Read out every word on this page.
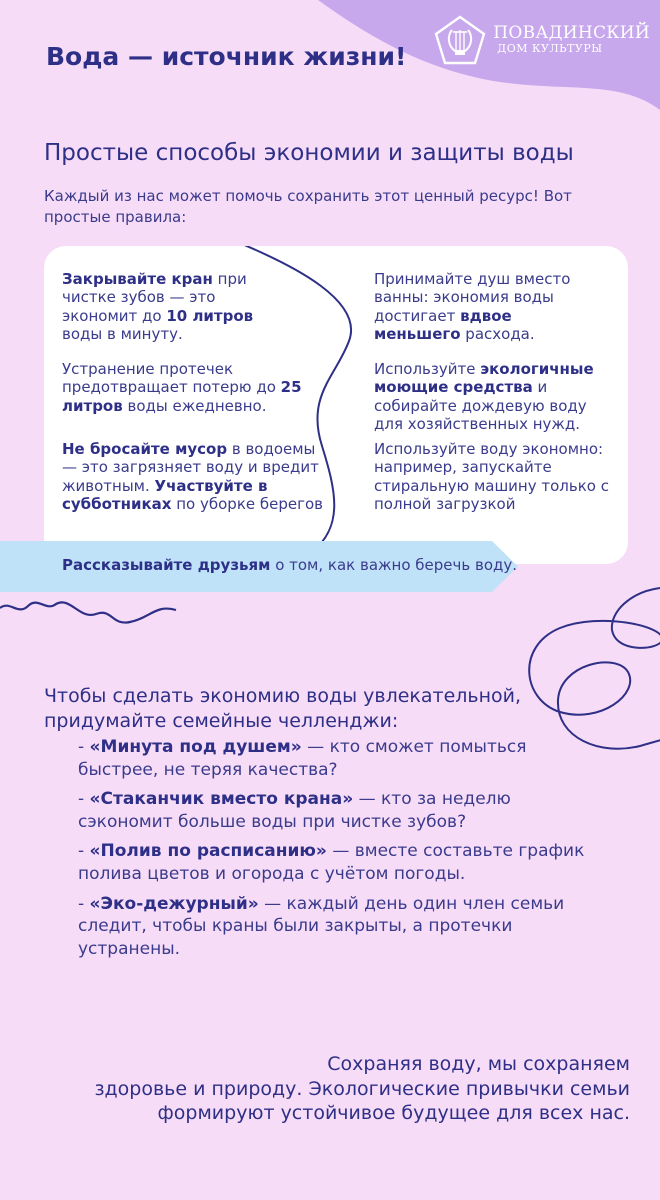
ПОВАДИНСКИЙ
ДОМ КУЛЬТУРЫ
Вода — источник жизни!
Простые способы экономии и защиты воды

Каждый из нас может помочь сохранить этот ценный ресурс! Вот простые правила:

Закрывайте кран при чистке зубов — это экономит до 10 литров воды в минуту.

Устранение протечек предотвращает потерю до 25 литров воды ежедневно.

Не бросайте мусор в водоемы — это загрязняет воду и вредит животным. Участвуйте в субботниках по уборке берегов

Принимайте душ вместо ванны: экономия воды достигает вдвое меньшего расхода.

Используйте экологичные моющие средства и собирайте дождевую воду для хозяйственных нужд.

Используйте воду экономно: например, запускайте стиральную машину только с полной загрузкой

Рассказывайте друзьям о том, как важно беречь воду.

Чтобы сделать экономию воды увлекательной,
придумайте семейные челленджи:

- «Минута под душем» — кто сможет помыться быстрее, не теряя качества?
- «Стаканчик вместо крана» — кто за неделю сэкономит больше воды при чистке зубов?
- «Полив по расписанию» — вместе составьте график полива цветов и огорода с учётом погоды.
- «Эко-дежурный» — каждый день один член семьи следит, чтобы краны были закрыты, а протечки устранены.

Сохраняя воду, мы сохраняем
здоровье и природу. Экологические привычки семьи
формируют устойчивое будущее для всех нас.
